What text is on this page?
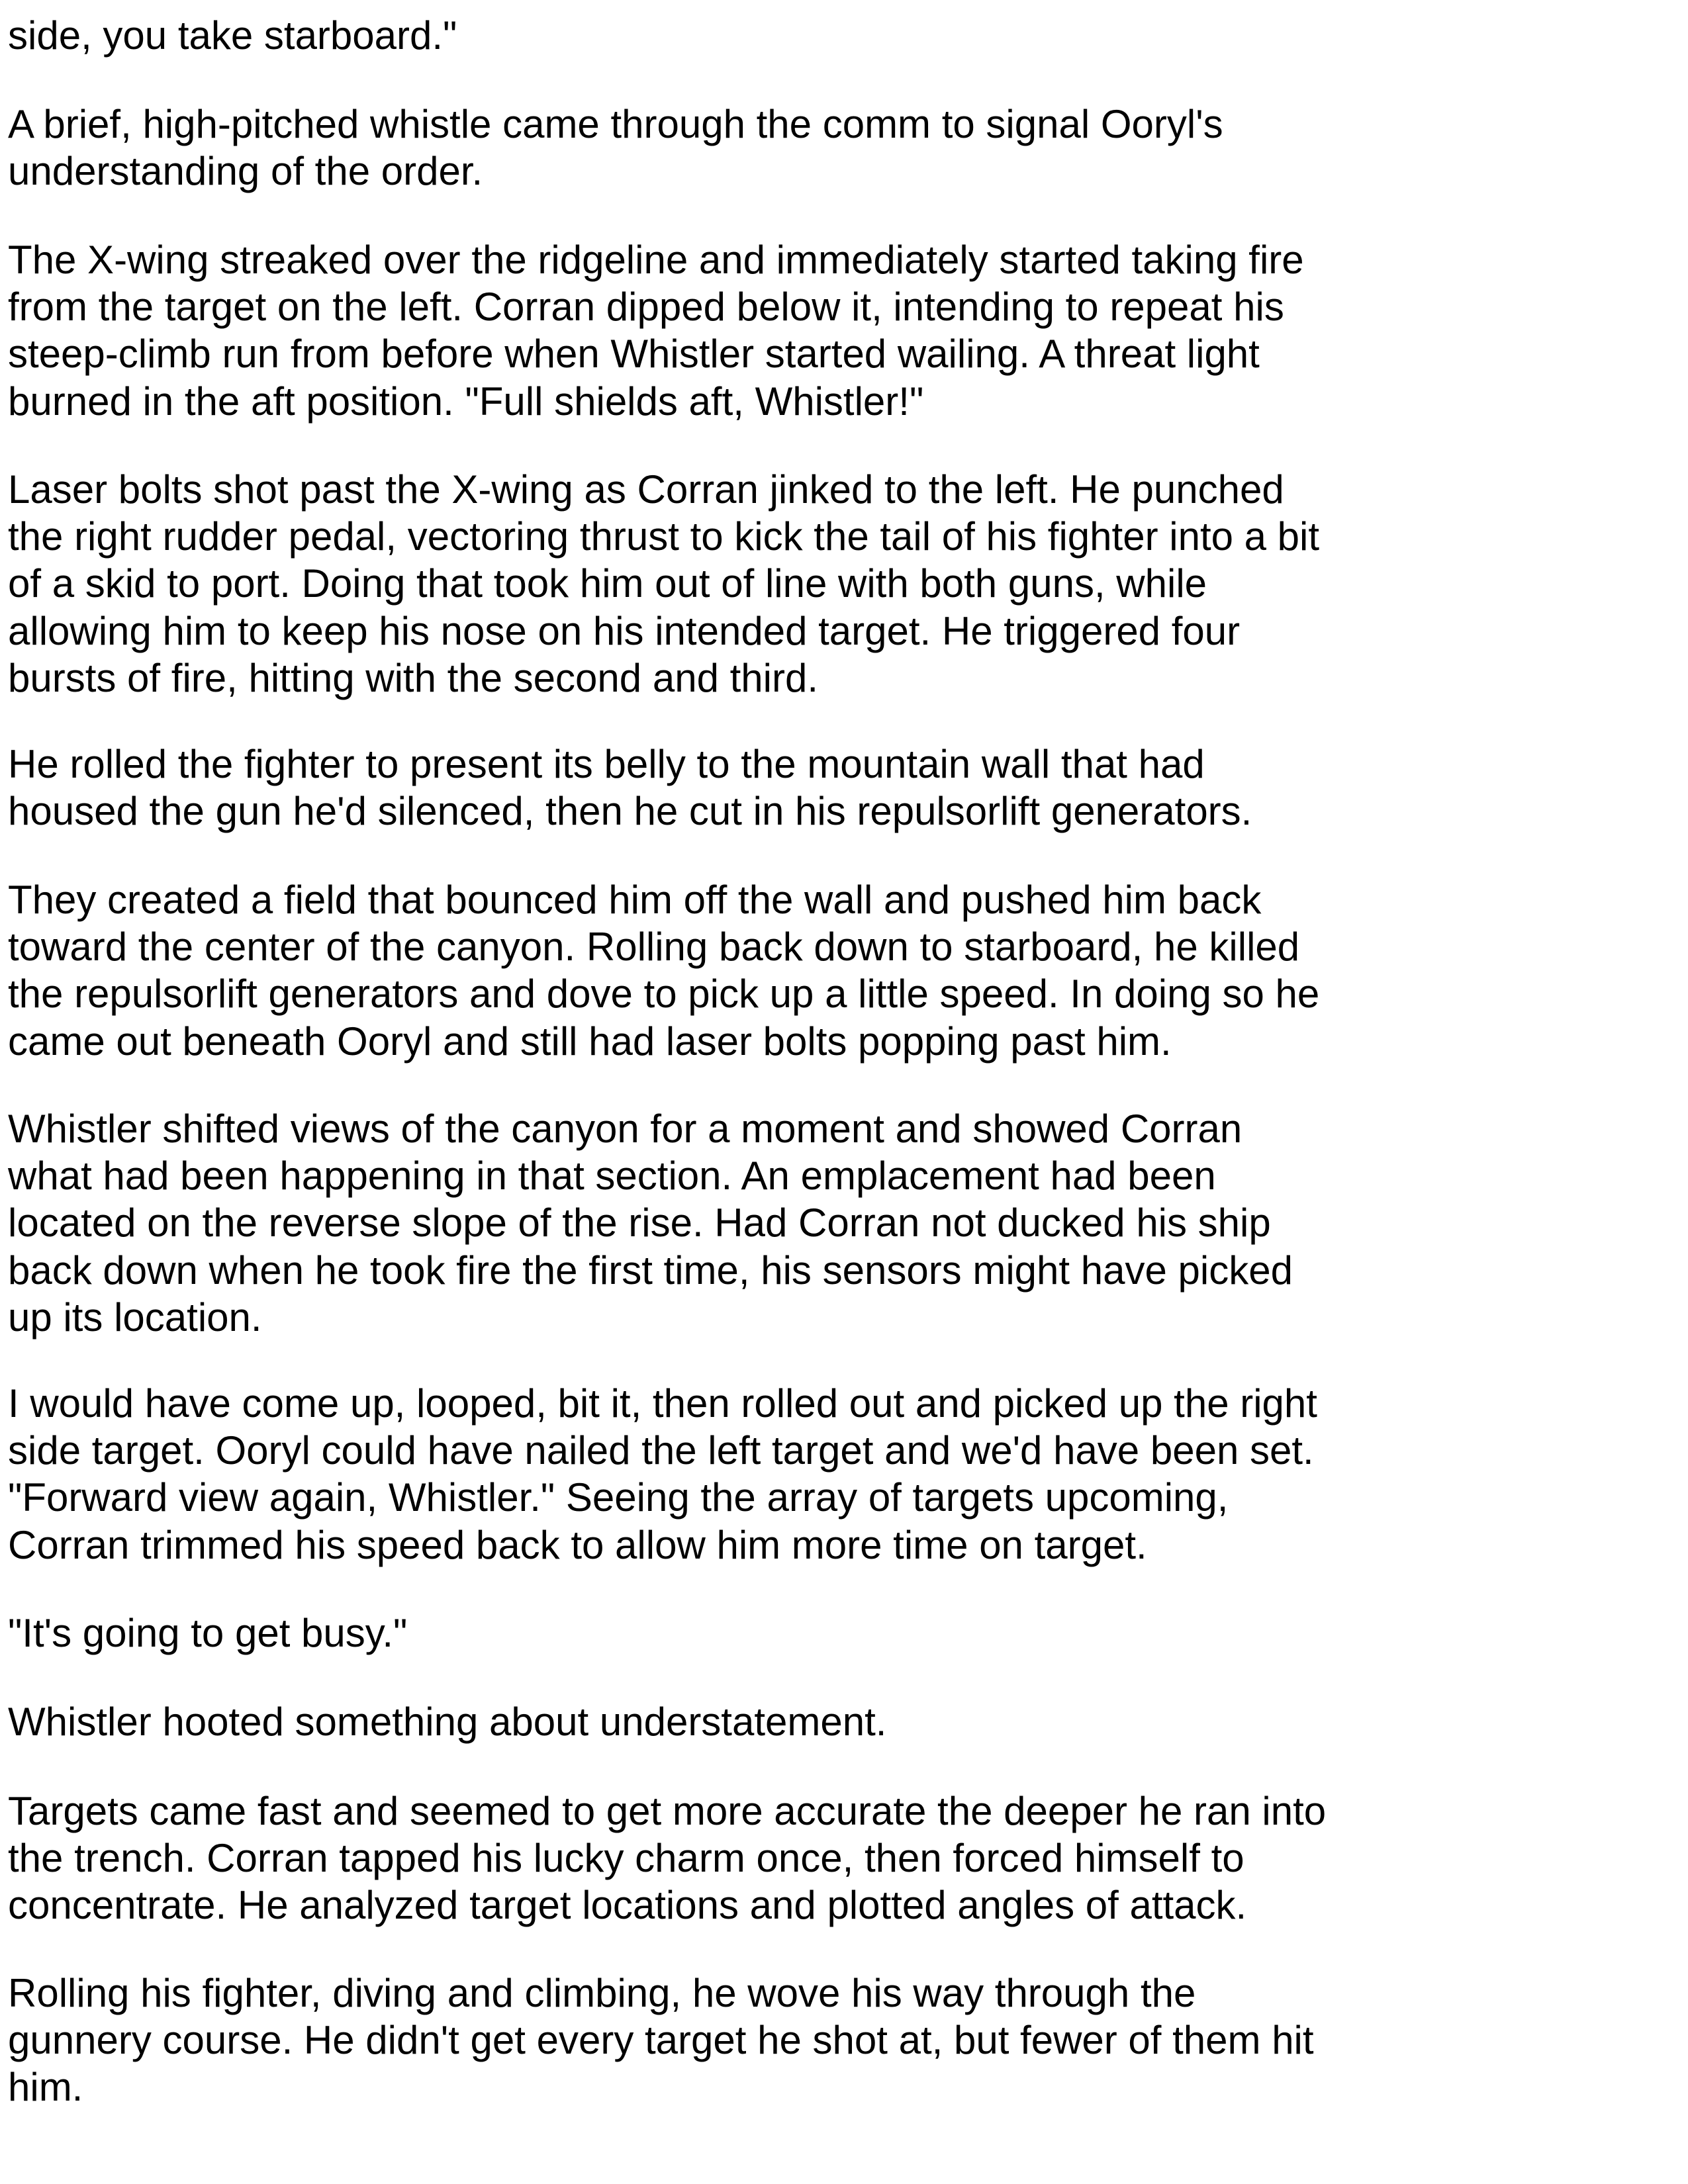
side, you take starboard."

A brief, high-pitched whistle came through the comm to signal Ooryl's
understanding of the order.

The X-wing streaked over the ridgeline and immediately started taking fire
from the target on the left. Corran dipped below it, intending to repeat his
steep-climb run from before when Whistler started wailing. A threat light
burned in the aft position. "Full shields aft, Whistler!"

Laser bolts shot past the X-wing as Corran jinked to the left. He punched
the right rudder pedal, vectoring thrust to kick the tail of his fighter into a bit
of a skid to port. Doing that took him out of line with both guns, while
allowing him to keep his nose on his intended target. He triggered four
bursts of fire, hitting with the second and third.

He rolled the fighter to present its belly to the mountain wall that had
housed the gun he'd silenced, then he cut in his repulsorlift generators.

They created a field that bounced him off the wall and pushed him back
toward the center of the canyon. Rolling back down to starboard, he killed
the repulsorlift generators and dove to pick up a little speed. In doing so he
came out beneath Ooryl and still had laser bolts popping past him.

Whistler shifted views of the canyon for a moment and showed Corran
what had been happening in that section. An emplacement had been
located on the reverse slope of the rise. Had Corran not ducked his ship
back down when he took fire the first time, his sensors might have picked
up its location.

I would have come up, looped, bit it, then rolled out and picked up the right
side target. Ooryl could have nailed the left target and we'd have been set.
"Forward view again, Whistler." Seeing the array of targets upcoming,
Corran trimmed his speed back to allow him more time on target.

"It's going to get busy."

Whistler hooted something about understatement.

Targets came fast and seemed to get more accurate the deeper he ran into
the trench. Corran tapped his lucky charm once, then forced himself to
concentrate. He analyzed target locations and plotted angles of attack.

Rolling his fighter, diving and climbing, he wove his way through the
gunnery course. He didn't get every target he shot at, but fewer of them hit
him.
